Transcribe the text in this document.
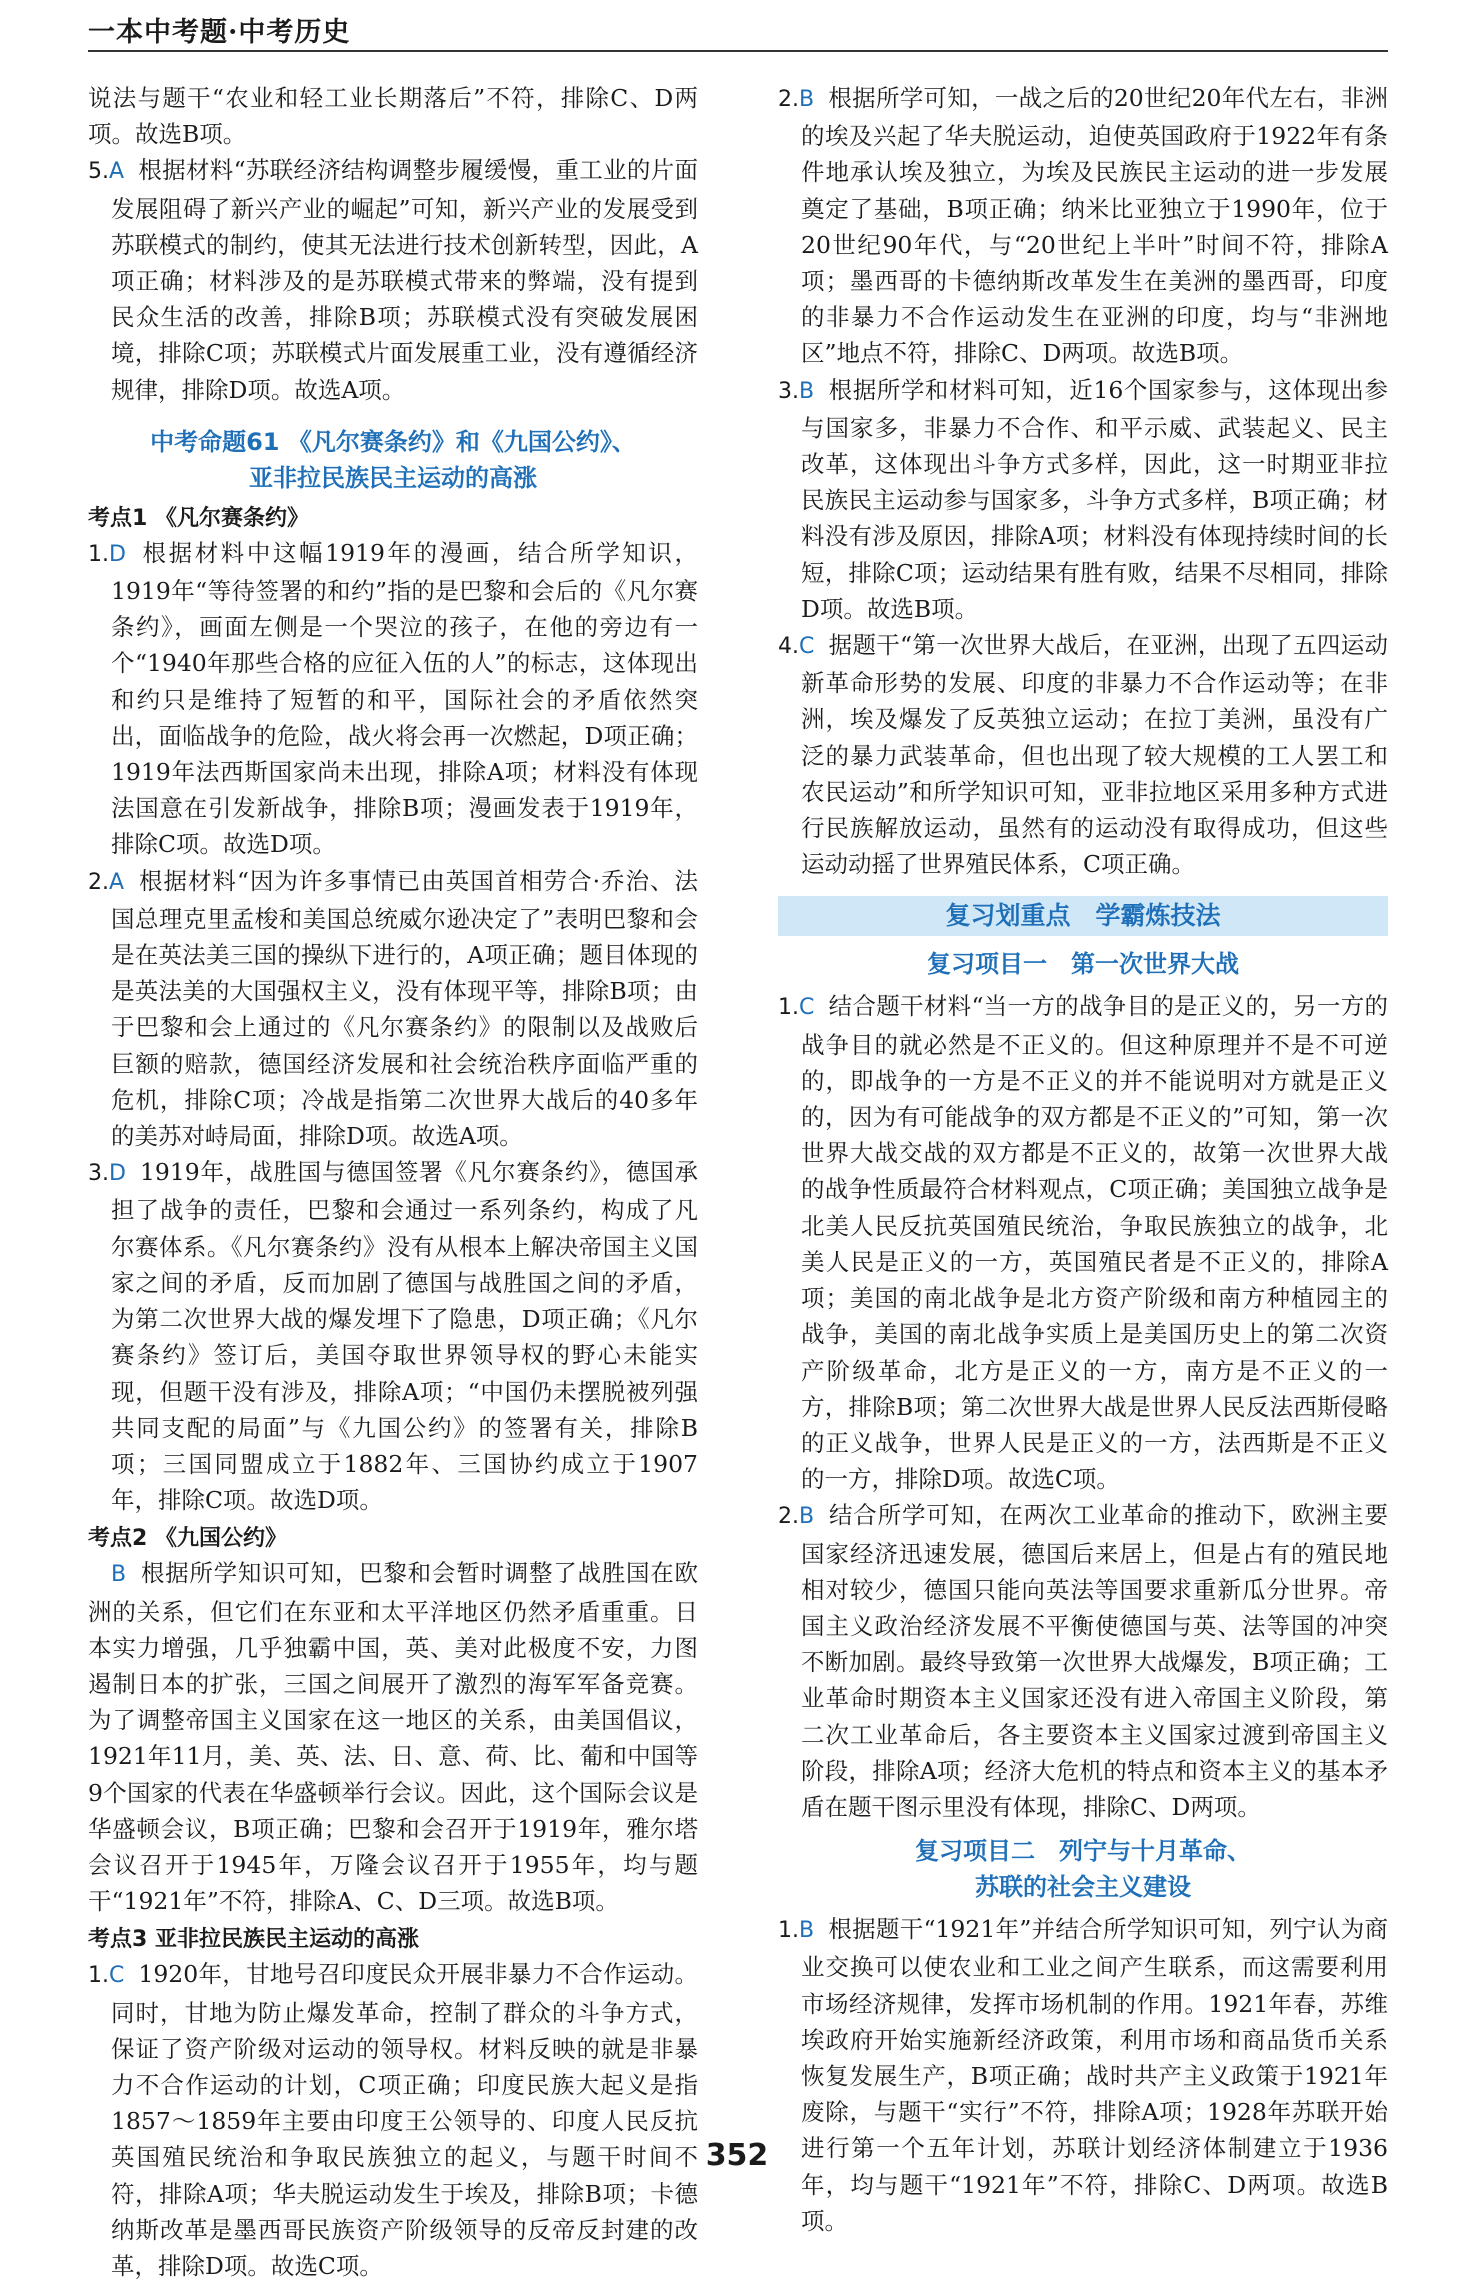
一本中考题·中考历史

说法与题干“农业和轻工业长期落后”不符，排除C、D两项。故选B项。

5.A 根据材料“苏联经济结构调整步履缓慢，重工业的片面发展阻碍了新兴产业的崛起”可知，新兴产业的发展受到苏联模式的制约，使其无法进行技术创新转型，因此，A项正确；材料涉及的是苏联模式带来的弊端，没有提到民众生活的改善，排除B项；苏联模式没有突破发展困境，排除C项；苏联模式片面发展重工业，没有遵循经济规律，排除D项。故选A项。

中考命题61 《凡尔赛条约》和《九国公约》、
亚非拉民族民主运动的高涨
考点1 《凡尔赛条约》

1.D 根据材料中这幅1919年的漫画，结合所学知识，1919年“等待签署的和约”指的是巴黎和会后的《凡尔赛条约》，画面左侧是一个哭泣的孩子，在他的旁边有一个“1940年那些合格的应征入伍的人”的标志，这体现出和约只是维持了短暂的和平，国际社会的矛盾依然突出，面临战争的危险，战火将会再一次燃起，D项正确；1919年法西斯国家尚未出现，排除A项；材料没有体现法国意在引发新战争，排除B项；漫画发表于1919年，排除C项。故选D项。

2.A 根据材料“因为许多事情已由英国首相劳合·乔治、法国总理克里孟梭和美国总统威尔逊决定了”表明巴黎和会是在英法美三国的操纵下进行的，A项正确；题目体现的是英法美的大国强权主义，没有体现平等，排除B项；由于巴黎和会上通过的《凡尔赛条约》的限制以及战败后巨额的赔款，德国经济发展和社会统治秩序面临严重的危机，排除C项；冷战是指第二次世界大战后的40多年的美苏对峙局面，排除D项。故选A项。

3.D 1919年，战胜国与德国签署《凡尔赛条约》，德国承担了战争的责任，巴黎和会通过一系列条约，构成了凡尔赛体系。《凡尔赛条约》没有从根本上解决帝国主义国家之间的矛盾，反而加剧了德国与战胜国之间的矛盾，为第二次世界大战的爆发埋下了隐患，D项正确；《凡尔赛条约》签订后，美国夺取世界领导权的野心未能实现，但题干没有涉及，排除A项；“中国仍未摆脱被列强共同支配的局面”与《九国公约》的签署有关，排除B项；三国同盟成立于1882年、三国协约成立于1907年，排除C项。故选D项。

考点2 《九国公约》

B 根据所学知识可知，巴黎和会暂时调整了战胜国在欧洲的关系，但它们在东亚和太平洋地区仍然矛盾重重。日本实力增强，几乎独霸中国，英、美对此极度不安，力图遏制日本的扩张，三国之间展开了激烈的海军军备竞赛。为了调整帝国主义国家在这一地区的关系，由美国倡议，1921年11月，美、英、法、日、意、荷、比、葡和中国等9个国家的代表在华盛顿举行会议。因此，这个国际会议是华盛顿会议，B项正确；巴黎和会召开于1919年，雅尔塔会议召开于1945年，万隆会议召开于1955年，均与题干“1921年”不符，排除A、C、D三项。故选B项。

考点3 亚非拉民族民主运动的高涨

1.C 1920年，甘地号召印度民众开展非暴力不合作运动。同时，甘地为防止爆发革命，控制了群众的斗争方式，保证了资产阶级对运动的领导权。材料反映的就是非暴力不合作运动的计划，C项正确；印度民族大起义是指1857～1859年主要由印度王公领导的、印度人民反抗英国殖民统治和争取民族独立的起义，与题干时间不符，排除A项；华夫脱运动发生于埃及，排除B项；卡德纳斯改革是墨西哥民族资产阶级领导的反帝反封建的改革，排除D项。故选C项。

2.B 根据所学可知，一战之后的20世纪20年代左右，非洲的埃及兴起了华夫脱运动，迫使英国政府于1922年有条件地承认埃及独立，为埃及民族民主运动的进一步发展奠定了基础，B项正确；纳米比亚独立于1990年，位于20世纪90年代，与“20世纪上半叶”时间不符，排除A项；墨西哥的卡德纳斯改革发生在美洲的墨西哥，印度的非暴力不合作运动发生在亚洲的印度，均与“非洲地区”地点不符，排除C、D两项。故选B项。

3.B 根据所学和材料可知，近16个国家参与，这体现出参与国家多，非暴力不合作、和平示威、武装起义、民主改革，这体现出斗争方式多样，因此，这一时期亚非拉民族民主运动参与国家多，斗争方式多样，B项正确；材料没有涉及原因，排除A项；材料没有体现持续时间的长短，排除C项；运动结果有胜有败，结果不尽相同，排除D项。故选B项。

4.C 据题干“第一次世界大战后，在亚洲，出现了五四运动新革命形势的发展、印度的非暴力不合作运动等；在非洲，埃及爆发了反英独立运动；在拉丁美洲，虽没有广泛的暴力武装革命，但也出现了较大规模的工人罢工和农民运动”和所学知识可知，亚非拉地区采用多种方式进行民族解放运动，虽然有的运动没有取得成功，但这些运动动摇了世界殖民体系，C项正确。

复习划重点　学霸炼技法
复习项目一　第一次世界大战

1.C 结合题干材料“当一方的战争目的是正义的，另一方的战争目的就必然是不正义的。但这种原理并不是不可逆的，即战争的一方是不正义的并不能说明对方就是正义的，因为有可能战争的双方都是不正义的”可知，第一次世界大战交战的双方都是不正义的，故第一次世界大战的战争性质最符合材料观点，C项正确；美国独立战争是北美人民反抗英国殖民统治，争取民族独立的战争，北美人民是正义的一方，英国殖民者是不正义的，排除A项；美国的南北战争是北方资产阶级和南方种植园主的战争，美国的南北战争实质上是美国历史上的第二次资产阶级革命，北方是正义的一方，南方是不正义的一方，排除B项；第二次世界大战是世界人民反法西斯侵略的正义战争，世界人民是正义的一方，法西斯是不正义的一方，排除D项。故选C项。

2.B 结合所学可知，在两次工业革命的推动下，欧洲主要国家经济迅速发展，德国后来居上，但是占有的殖民地相对较少，德国只能向英法等国要求重新瓜分世界。帝国主义政治经济发展不平衡使德国与英、法等国的冲突不断加剧。最终导致第一次世界大战爆发，B项正确；工业革命时期资本主义国家还没有进入帝国主义阶段，第二次工业革命后，各主要资本主义国家过渡到帝国主义阶段，排除A项；经济大危机的特点和资本主义的基本矛盾在题干图示里没有体现，排除C、D两项。

复习项目二　列宁与十月革命、
苏联的社会主义建设

1.B 根据题干“1921年”并结合所学知识可知，列宁认为商业交换可以使农业和工业之间产生联系，而这需要利用市场经济规律，发挥市场机制的作用。1921年春，苏维埃政府开始实施新经济政策，利用市场和商品货币关系恢复发展生产，B项正确；战时共产主义政策于1921年废除，与题干“实行”不符，排除A项；1928年苏联开始进行第一个五年计划，苏联计划经济体制建立于1936年，均与题干“1921年”不符，排除C、D两项。故选B项。

352
